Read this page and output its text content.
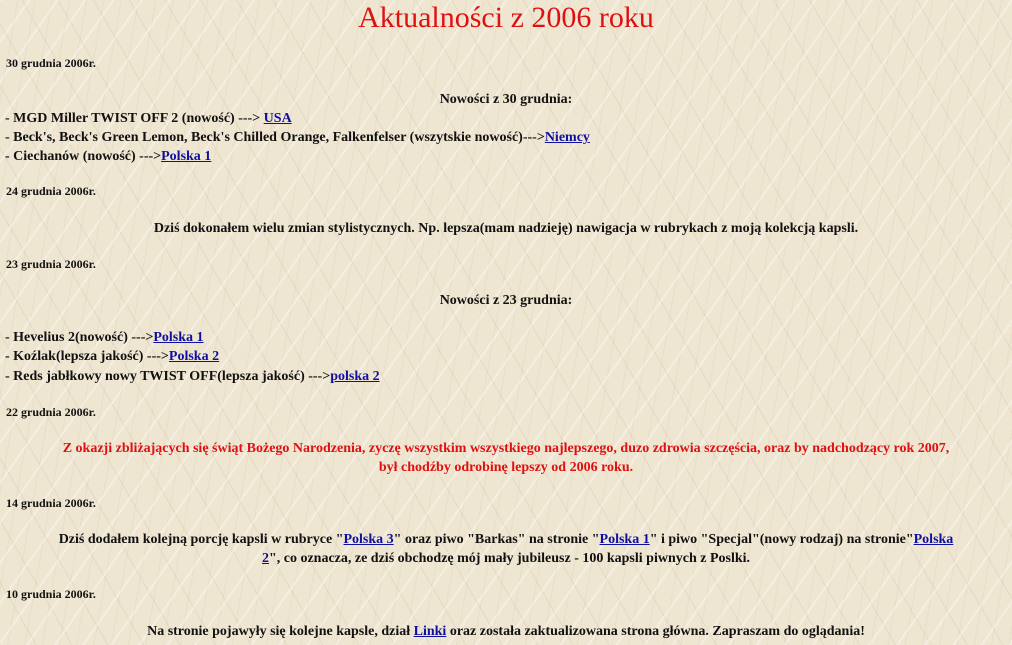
Aktualności z 2006 roku
30 grudnia 2006r.
Nowości z 30 grudnia:
- MGD Miller TWIST OFF 2 (nowość) ---> USA
- Beck's, Beck's Green Lemon, Beck's Chilled Orange, Falkenfelser (wszytskie nowość)--->Niemcy
- Ciechanów (nowość) --->Polska 1
24 grudnia 2006r.
Dziś dokonałem wielu zmian stylistycznych. Np. lepsza(mam nadzieję) nawigacja w rubrykach z moją kolekcją kapsli.
23 grudnia 2006r.
Nowości z 23 grudnia:
- Hevelius 2(nowość) --->Polska 1
- Koźlak(lepsza jakość) --->Polska 2
- Reds jabłkowy nowy TWIST OFF(lepsza jakość) --->polska 2
22 grudnia 2006r.
Z okazji zbliżających się świąt Bożego Narodzenia, zyczę wszystkim wszystkiego najlepszego, duzo zdrowia szczęścia, oraz by nadchodzący rok 2007,
był chodźby odrobinę lepszy od 2006 roku.
14 grudnia 2006r.
Dziś dodałem kolejną porcję kapsli w rubryce "Polska 3" oraz piwo "Barkas" na stronie "Polska 1" i piwo "Specjal"(nowy rodzaj) na stronie"Polska
2", co oznacza, ze dziś obchodzę mój mały jubileusz - 100 kapsli piwnych z Poslki.
10 grudnia 2006r.
Na stronie pojawyły się kolejne kapsle, dział Linki oraz została zaktualizowana strona główna. Zapraszam do oglądania!
